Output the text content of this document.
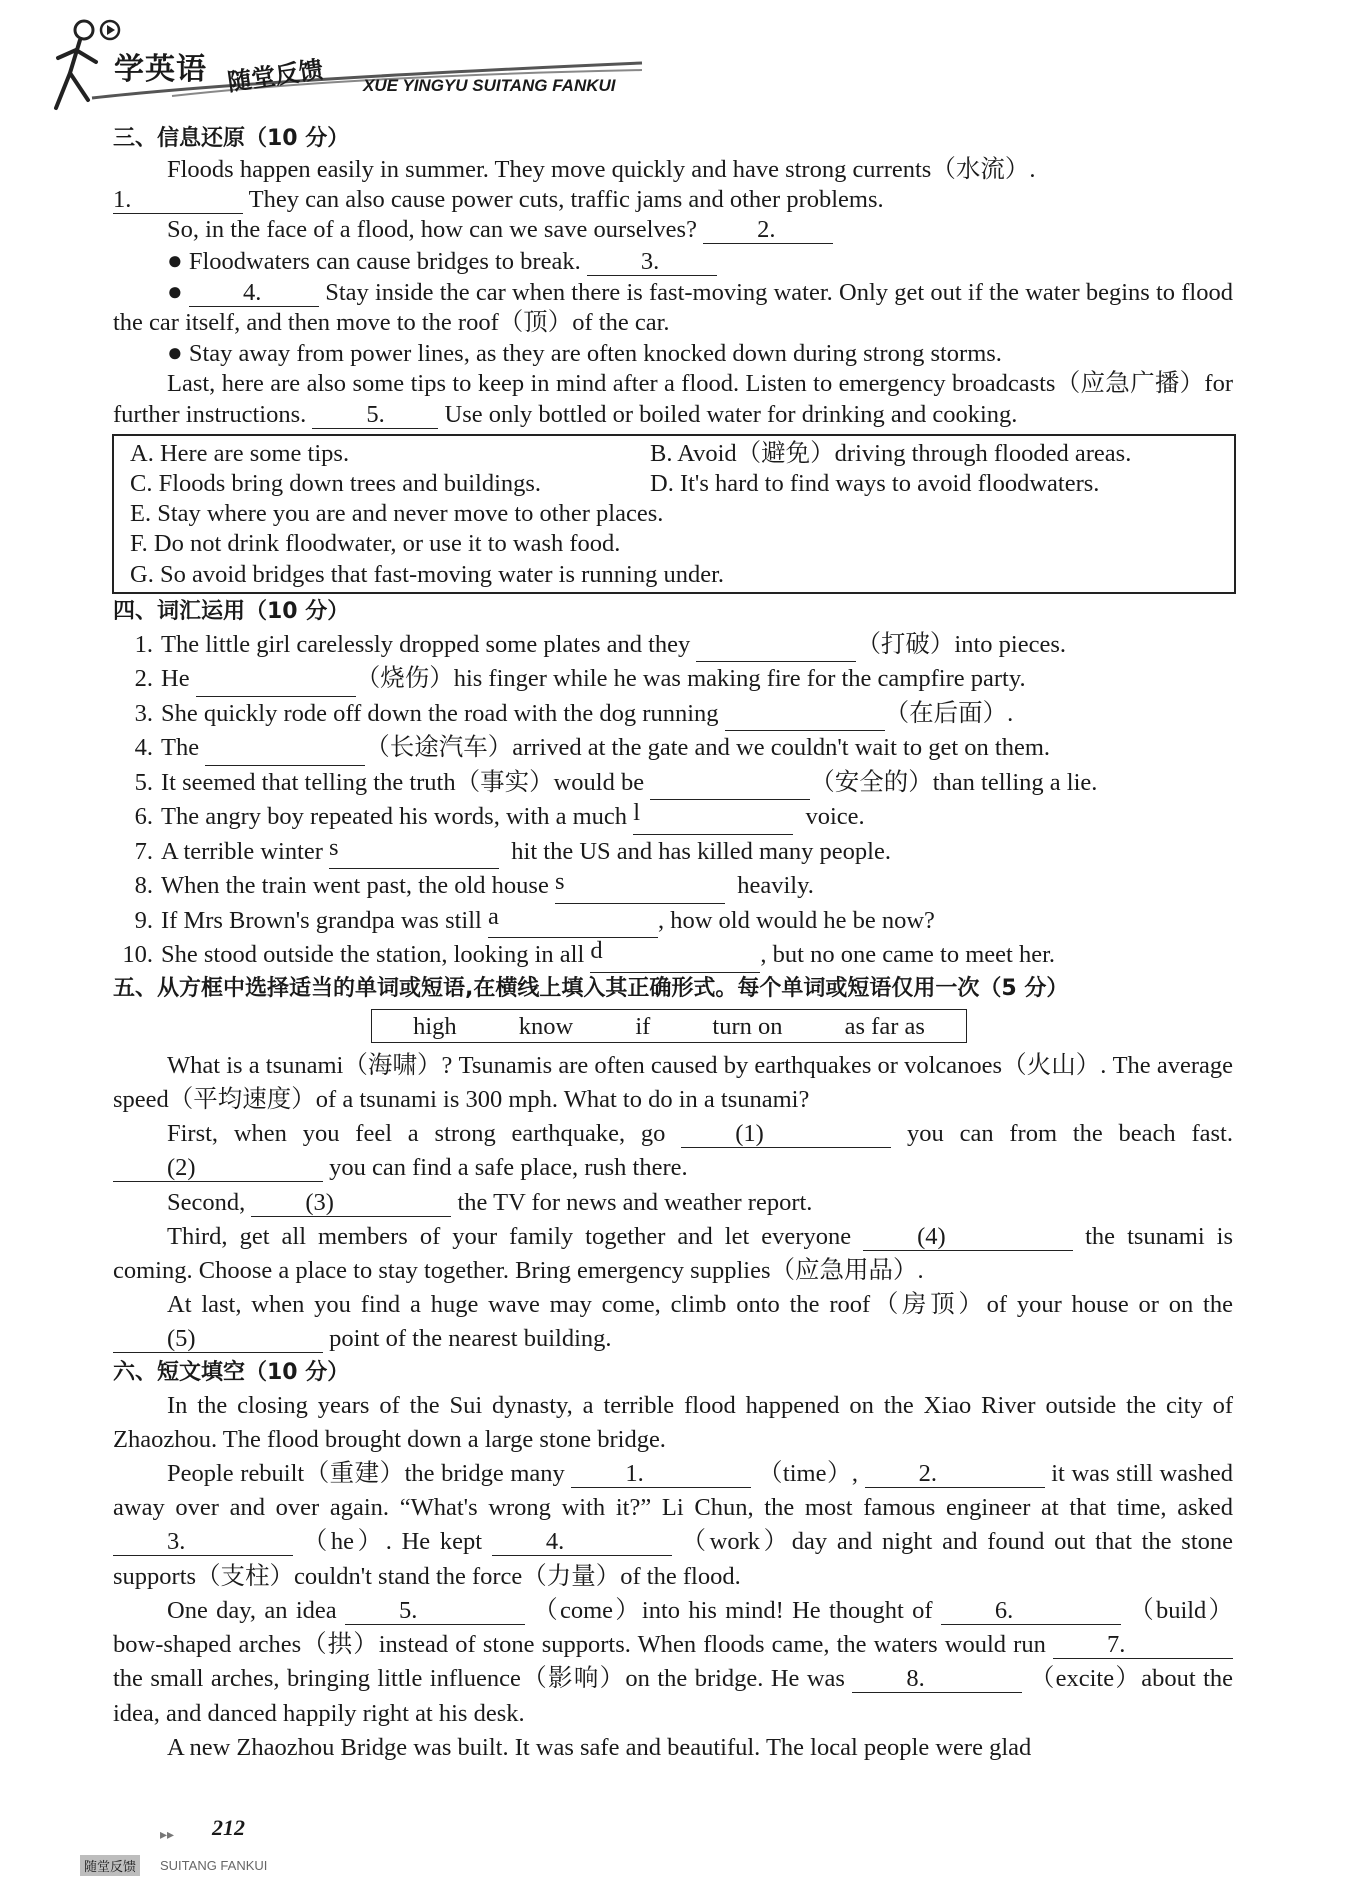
学英语 随堂反馈 XUE YINGYU SUITANG FANKUI
三、信息还原（10 分）
Floods happen easily in summer. They move quickly and have strong currents（水流）.
1.	They can also cause power cuts, traffic jams and other problems.
So, in the face of a flood, how can we save ourselves? 2.
● Floodwaters can cause bridges to break. 3.
● 4. Stay inside the car when there is fast-moving water. Only get out if the water begins to flood the car itself, and then move to the roof（顶）of the car.
● Stay away from power lines, as they are often knocked down during strong storms.
Last, here are also some tips to keep in mind after a flood. Listen to emergency broadcasts（应急广播）for further instructions. 5. Use only bottled or boiled water for drinking and cooking.
A. Here are some tips.	B. Avoid（避免）driving through flooded areas.
C. Floods bring down trees and buildings.	D. It's hard to find ways to avoid floodwaters.
E. Stay where you are and never move to other places.
F. Do not drink floodwater, or use it to wash food.
G. So avoid bridges that fast-moving water is running under.
四、词汇运用（10 分）
1. The little girl carelessly dropped some plates and they
	（打破）into pieces.
2. He
	（烧伤）his finger while he was making fire for the campfire party.
3. She quickly rode off down the road with the dog running
	（在后面）.
4. The
	（长途汽车）arrived at the gate and we couldn't wait to get on them.
5. It seemed that telling the truth（事实）would be
	（安全的）than telling a lie.
6. The angry boy repeated his words, with a much
l
	voice.
7. A terrible winter
s
	hit the US and has killed many people.
8. When the train went past, the old house
s
	heavily.
9. If Mrs Brown's grandpa was still
a	, how old would he be now?
10. She stood outside the station, looking in all
d	, but no one came to meet her.
五、从方框中选择适当的单词或短语,在横线上填入其正确形式。每个单词或短语仅用一次（5 分）
high	know	if	turn on	as far as
What is a tsunami（海啸）? Tsunamis are often caused by earthquakes or volcanoes（火山）. The average speed（平均速度）of a tsunami is 300 mph. What to do in a tsunami?
First, when you feel a strong earthquake, go (1)	you can from the beach fast. (2)	you can find a safe place, rush there.
Second, (3)	the TV for news and weather report.
Third, get all members of your family together and let everyone (4)	the tsunami is coming. Choose a place to stay together. Bring emergency supplies（应急用品）.
At last, when you find a huge wave may come, climb onto the roof（房顶）of your house or on the (5)	point of the nearest building.
六、短文填空（10 分）
In the closing years of the Sui dynasty, a terrible flood happened on the Xiao River outside the city of Zhaozhou. The flood brought down a large stone bridge.
People rebuilt（重建）the bridge many 1.	（time）, 2.	it was still washed away over and over again. “What's wrong with it?” Li Chun, the most famous engineer at that time, asked 3.	（he）. He kept 4.	（work）day and night and found out that the stone supports（支柱）couldn't stand the force（力量）of the flood.
One day, an idea 5.	（come）into his mind! He thought of 6.	（build）bow-shaped arches（拱）instead of stone supports. When floods came, the waters would run 7. the small arches, bringing little influence（影响）on the bridge. He was 8.	（excite）about the idea, and danced happily right at his desk.
A new Zhaozhou Bridge was built. It was safe and beautiful. The local people were glad
▸▸ 212
随堂反馈	SUITANG FANKUI
